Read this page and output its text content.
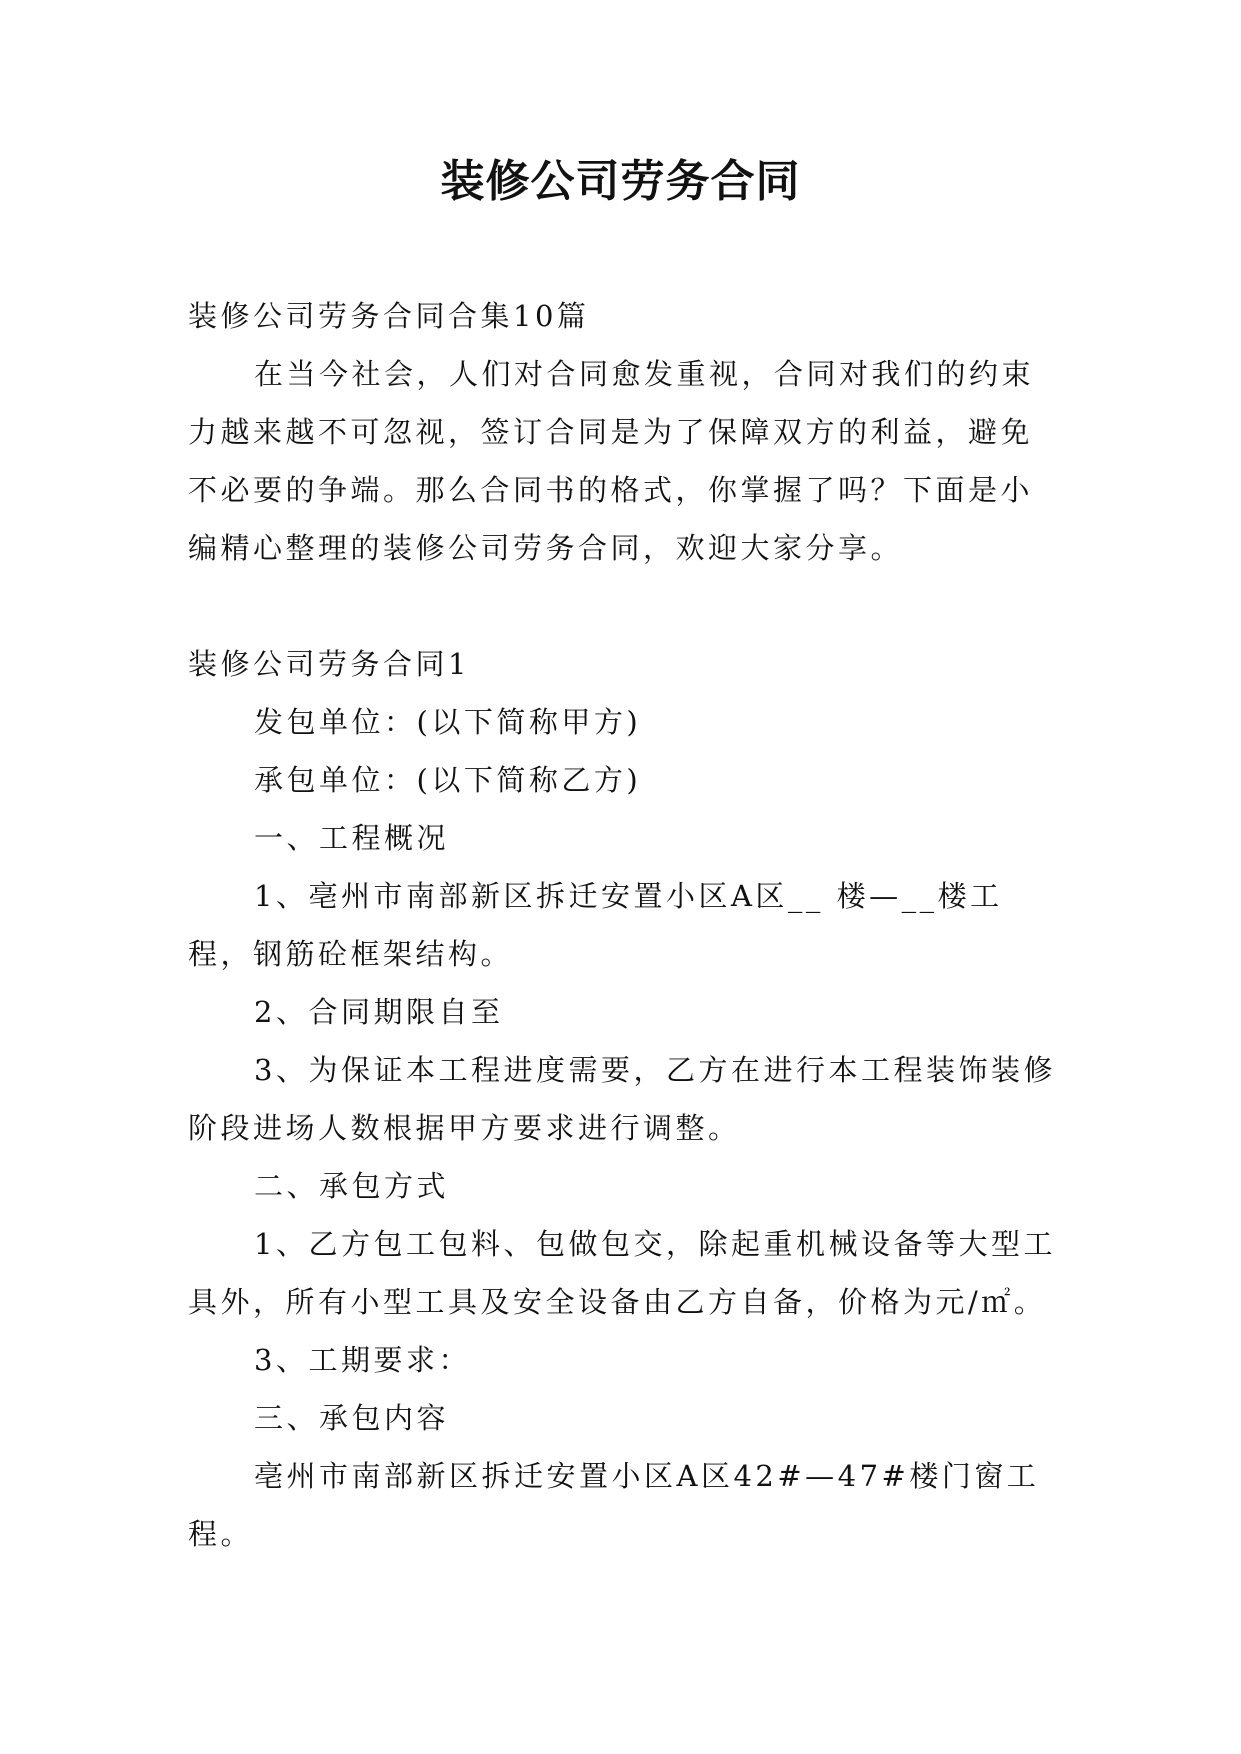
装修公司劳务合同

装修公司劳务合同合集10篇

在当今社会，人们对合同愈发重视，合同对我们的约束力越来越不可忽视，签订合同是为了保障双方的利益，避免不必要的争端。那么合同书的格式，你掌握了吗？下面是小编精心整理的装修公司劳务合同，欢迎大家分享。

装修公司劳务合同1

发包单位：(以下简称甲方)

承包单位：(以下简称乙方)

一、工程概况

1、亳州市南部新区拆迁安置小区A区__ 楼—__楼工程，钢筋砼框架结构。

2、合同期限自至

3、为保证本工程进度需要，乙方在进行本工程装饰装修阶段进场人数根据甲方要求进行调整。

二、承包方式

1、乙方包工包料、包做包交，除起重机械设备等大型工具外，所有小型工具及安全设备由乙方自备，价格为元/㎡。

3、工期要求：

三、承包内容

亳州市南部新区拆迁安置小区A区42#—47#楼门窗工程。
